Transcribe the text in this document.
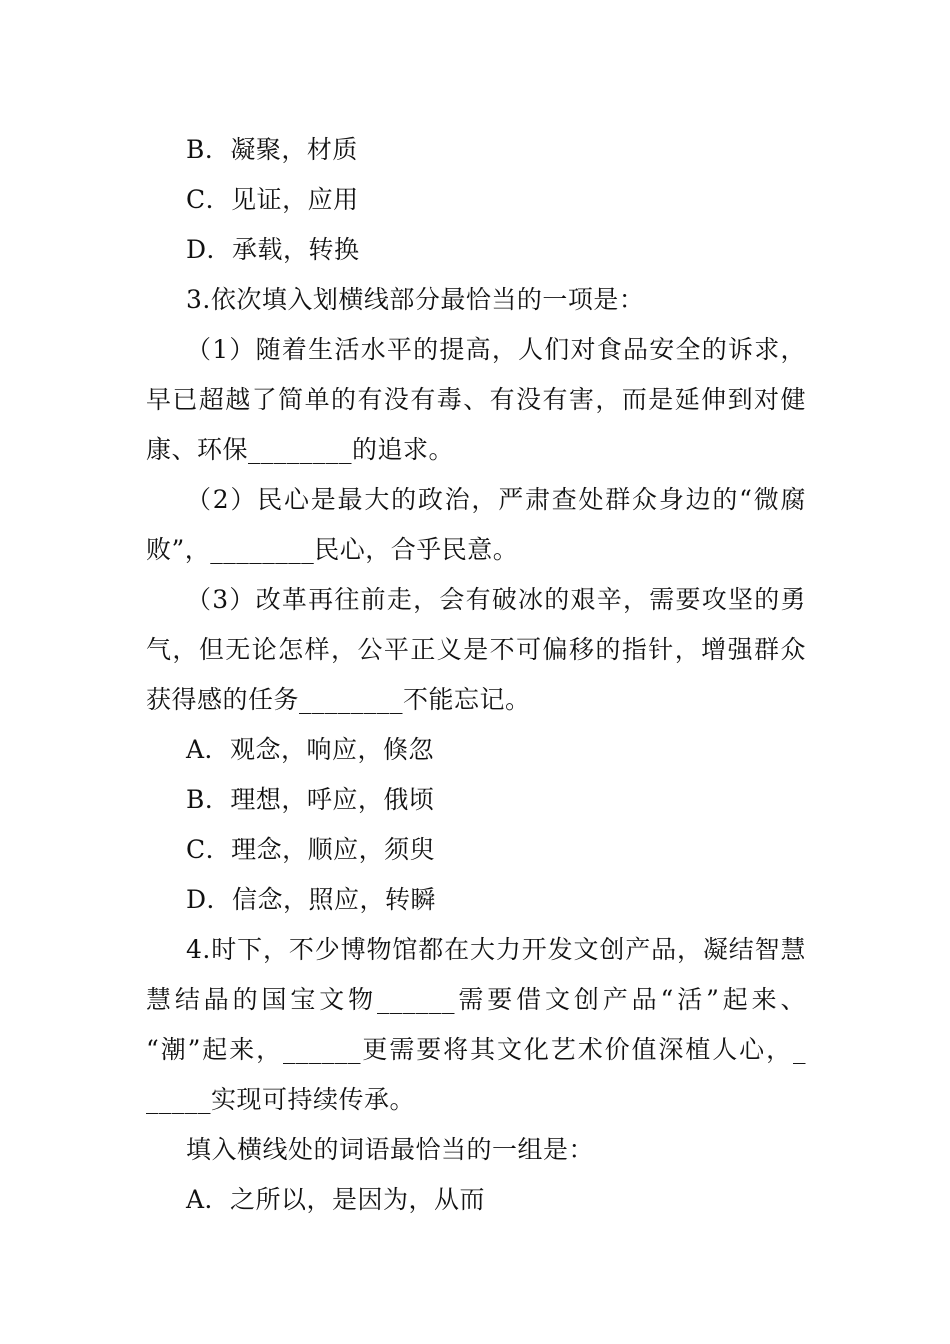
B．凝聚，材质
C．见证，应用
D．承载，转换
3.依次填入划横线部分最恰当的一项是：
（1）随着生活水平的提高，人们对食品安全的诉求，
早已超越了简单的有没有毒、有没有害，而是延伸到对健
康、环保________的追求。
（2）民心是最大的政治，严肃查处群众身边的“微腐
败”，________民心，合乎民意。
（3）改革再往前走，会有破冰的艰辛，需要攻坚的勇
气，但无论怎样，公平正义是不可偏移的指针，增强群众
获得感的任务________不能忘记。
A．观念，响应，倏忽
B．理想，呼应，俄顷
C．理念，顺应，须臾
D．信念，照应，转瞬
4.时下，不少博物馆都在大力开发文创产品，凝结智慧
慧结晶的国宝文物______需要借文创产品“活”起来、
“潮”起来，______更需要将其文化艺术价值深植人心，_
_____实现可持续传承。
填入横线处的词语最恰当的一组是：
A．之所以，是因为，从而
